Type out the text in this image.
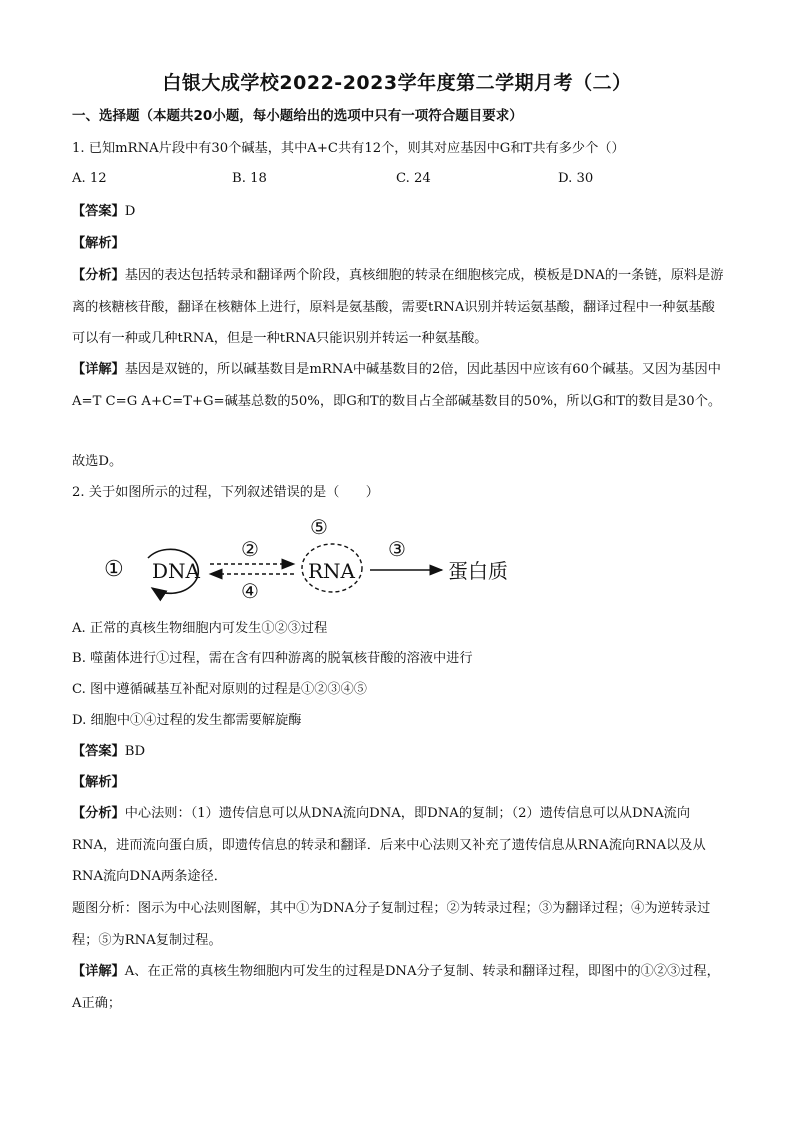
白银大成学校2022-2023学年度第二学期月考（二）
一、选择题（本题共20小题，每小题给出的选项中只有一项符合题目要求）
1. 已知mRNA片段中有30个碱基，其中A+C共有12个，则其对应基因中G和T共有多少个（）
A. 12	B. 18	C. 24	D. 30
【答案】D
【解析】
【分析】基因的表达包括转录和翻译两个阶段，真核细胞的转录在细胞核完成，模板是DNA的一条链，原料是游离的核糖核苷酸，翻译在核糖体上进行，原料是氨基酸，需要tRNA识别并转运氨基酸，翻译过程中一种氨基酸可以有一种或几种tRNA，但是一种tRNA只能识别并转运一种氨基酸。
【详解】基因是双链的，所以碱基数目是mRNA中碱基数目的2倍，因此基因中应该有60个碱基。又因为基因中A=T C=G A+C=T+G=碱基总数的50%，即G和T的数目占全部碱基数目的50%，所以G和T的数目是30个。
故选D。
2. 关于如图所示的过程，下列叙述错误的是（　　）
① DNA
②
④
⑤
RNA
③
蛋白质
A. 正常的真核生物细胞内可发生①②③过程
B. 噬菌体进行①过程，需在含有四种游离的脱氧核苷酸的溶液中进行
C. 图中遵循碱基互补配对原则的过程是①②③④⑤
D. 细胞中①④过程的发生都需要解旋酶
【答案】BD
【解析】
【分析】中心法则：（1）遗传信息可以从DNA流向DNA，即DNA的复制；（2）遗传信息可以从DNA流向RNA，进而流向蛋白质，即遗传信息的转录和翻译．后来中心法则又补充了遗传信息从RNA流向RNA以及从RNA流向DNA两条途径．
题图分析：图示为中心法则图解，其中①为DNA分子复制过程；②为转录过程；③为翻译过程；④为逆转录过程；⑤为RNA复制过程。
【详解】A、在正常的真核生物细胞内可发生的过程是DNA分子复制、转录和翻译过程，即图中的①②③过程，A正确；
